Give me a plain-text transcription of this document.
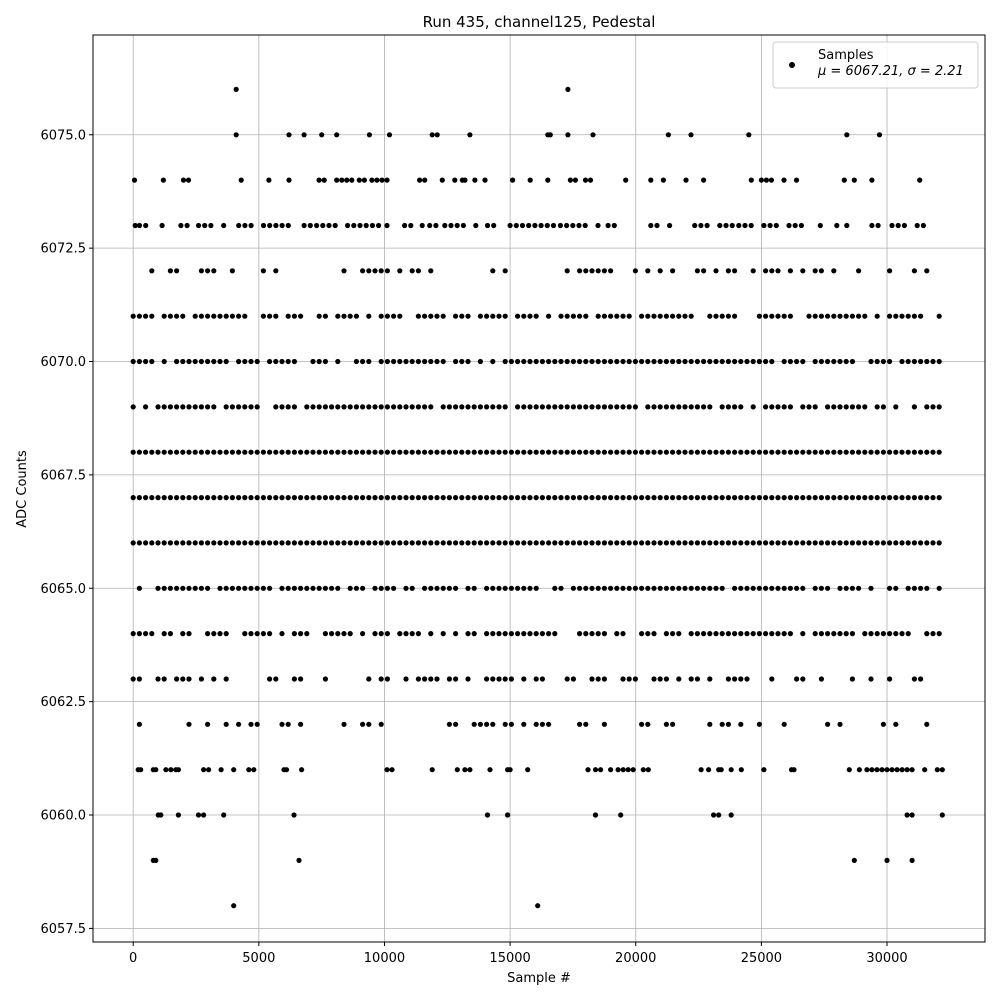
0	5000	10000	15000	20000	25000	30000
6057.5
6060.0
6062.5
6065.0
6067.5
6070.0
6072.5
6075.0
Run 435, channel125, Pedestal
Sample #
ADC Counts
Samples
μ = 6067.21, σ = 2.21
